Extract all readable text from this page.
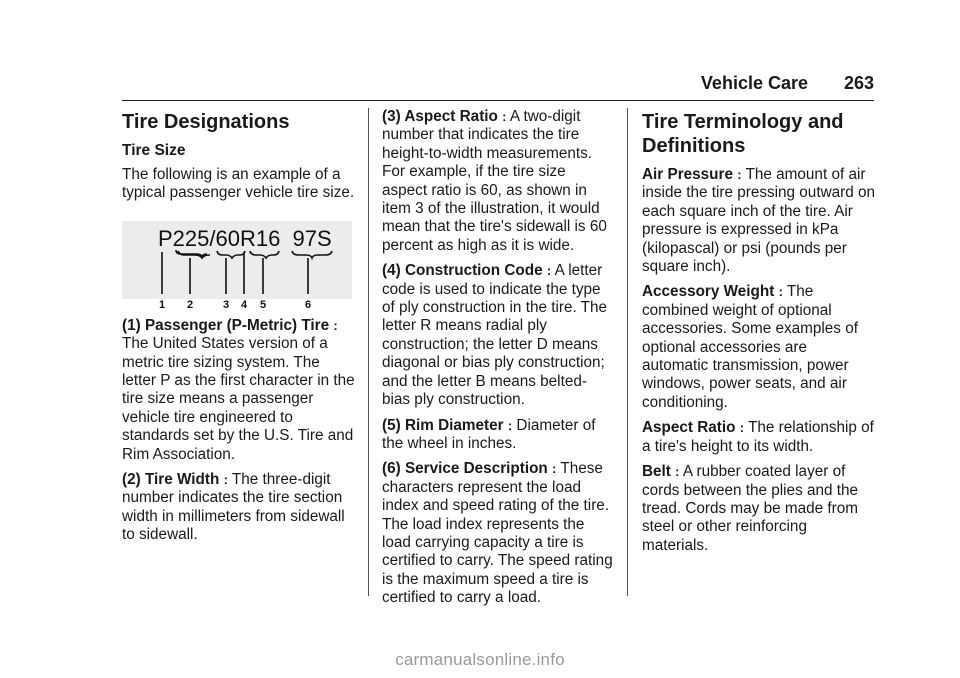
Vehicle Care 263
Tire Designations
Tire Size

The following is an example of a typical passenger vehicle tire size.

P225/60R16  97S
1 2	3 4 5	6

(1) Passenger (P-Metric) Tire : The United States version of a metric tire sizing system. The letter P as the first character in the tire size means a passenger vehicle tire engineered to standards set by the U.S. Tire and Rim Association.

(2) Tire Width : The three-digit number indicates the tire section width in millimeters from sidewall to sidewall.

(3) Aspect Ratio : A two-digit number that indicates the tire height-to-width measurements. For example, if the tire size aspect ratio is 60, as shown in item 3 of the illustration, it would mean that the tire's sidewall is 60 percent as high as it is wide.

(4) Construction Code : A letter code is used to indicate the type of ply construction in the tire. The letter R means radial ply construction; the letter D means diagonal or bias ply construction; and the letter B means belted-bias ply construction.

(5) Rim Diameter : Diameter of the wheel in inches.

(6) Service Description : These characters represent the load index and speed rating of the tire. The load index represents the load carrying capacity a tire is certified to carry. The speed rating is the maximum speed a tire is certified to carry a load.

Tire Terminology and Definitions

Air Pressure : The amount of air inside the tire pressing outward on each square inch of the tire. Air pressure is expressed in kPa (kilopascal) or psi (pounds per square inch).

Accessory Weight : The combined weight of optional accessories. Some examples of optional accessories are automatic transmission, power windows, power seats, and air conditioning.

Aspect Ratio : The relationship of a tire's height to its width.

Belt : A rubber coated layer of cords between the plies and the tread. Cords may be made from steel or other reinforcing materials.

carmanualsonline.info
